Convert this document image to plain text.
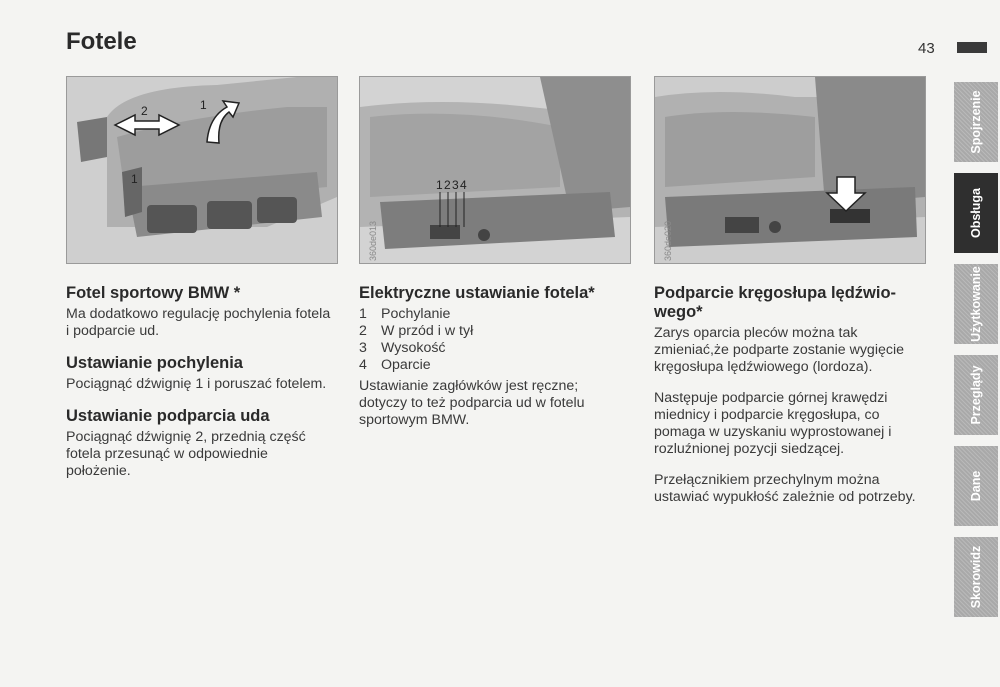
Fotele	43
2	1
1	1 2 3 4
360de013	360de020
Fotel sportowy BMW *

Ma dodatkowo regulację pochylenia fotela i podparcie ud.

Ustawianie pochylenia

Pociągnąć dźwignię 1 i poruszać fotelem.

Ustawianie podparcia uda

Pociągnąć dźwignię 2, przednią część fotela przesunąć w odpowiednie położenie.

Elektryczne ustawianie fotela*
1 Pochylanie
2 W przód i w tył
3 Wysokość
4 Oparcie

Ustawianie zagłówków jest ręczne; dotyczy to też podparcia ud w fotelu sportowym BMW.

Podparcie kręgosłupa lędźwio-wego*

Zarys oparcia pleców można tak zmieniać,że podparte zostanie wygięcie kręgosłupa lędźwiowego (lordoza).

Następuje podparcie górnej krawędzi miednicy i podparcie kręgosłupa, co pomaga w uzyskaniu wyprostowanej i rozluźnionej pozycji siedzącej.

Przełącznikiem przechylnym można ustawiać wypukłość zależnie od potrzeby.

Spojrzenie
Obsługa
Użytkowanie
Przeglądy
Dane
Skorowidz
